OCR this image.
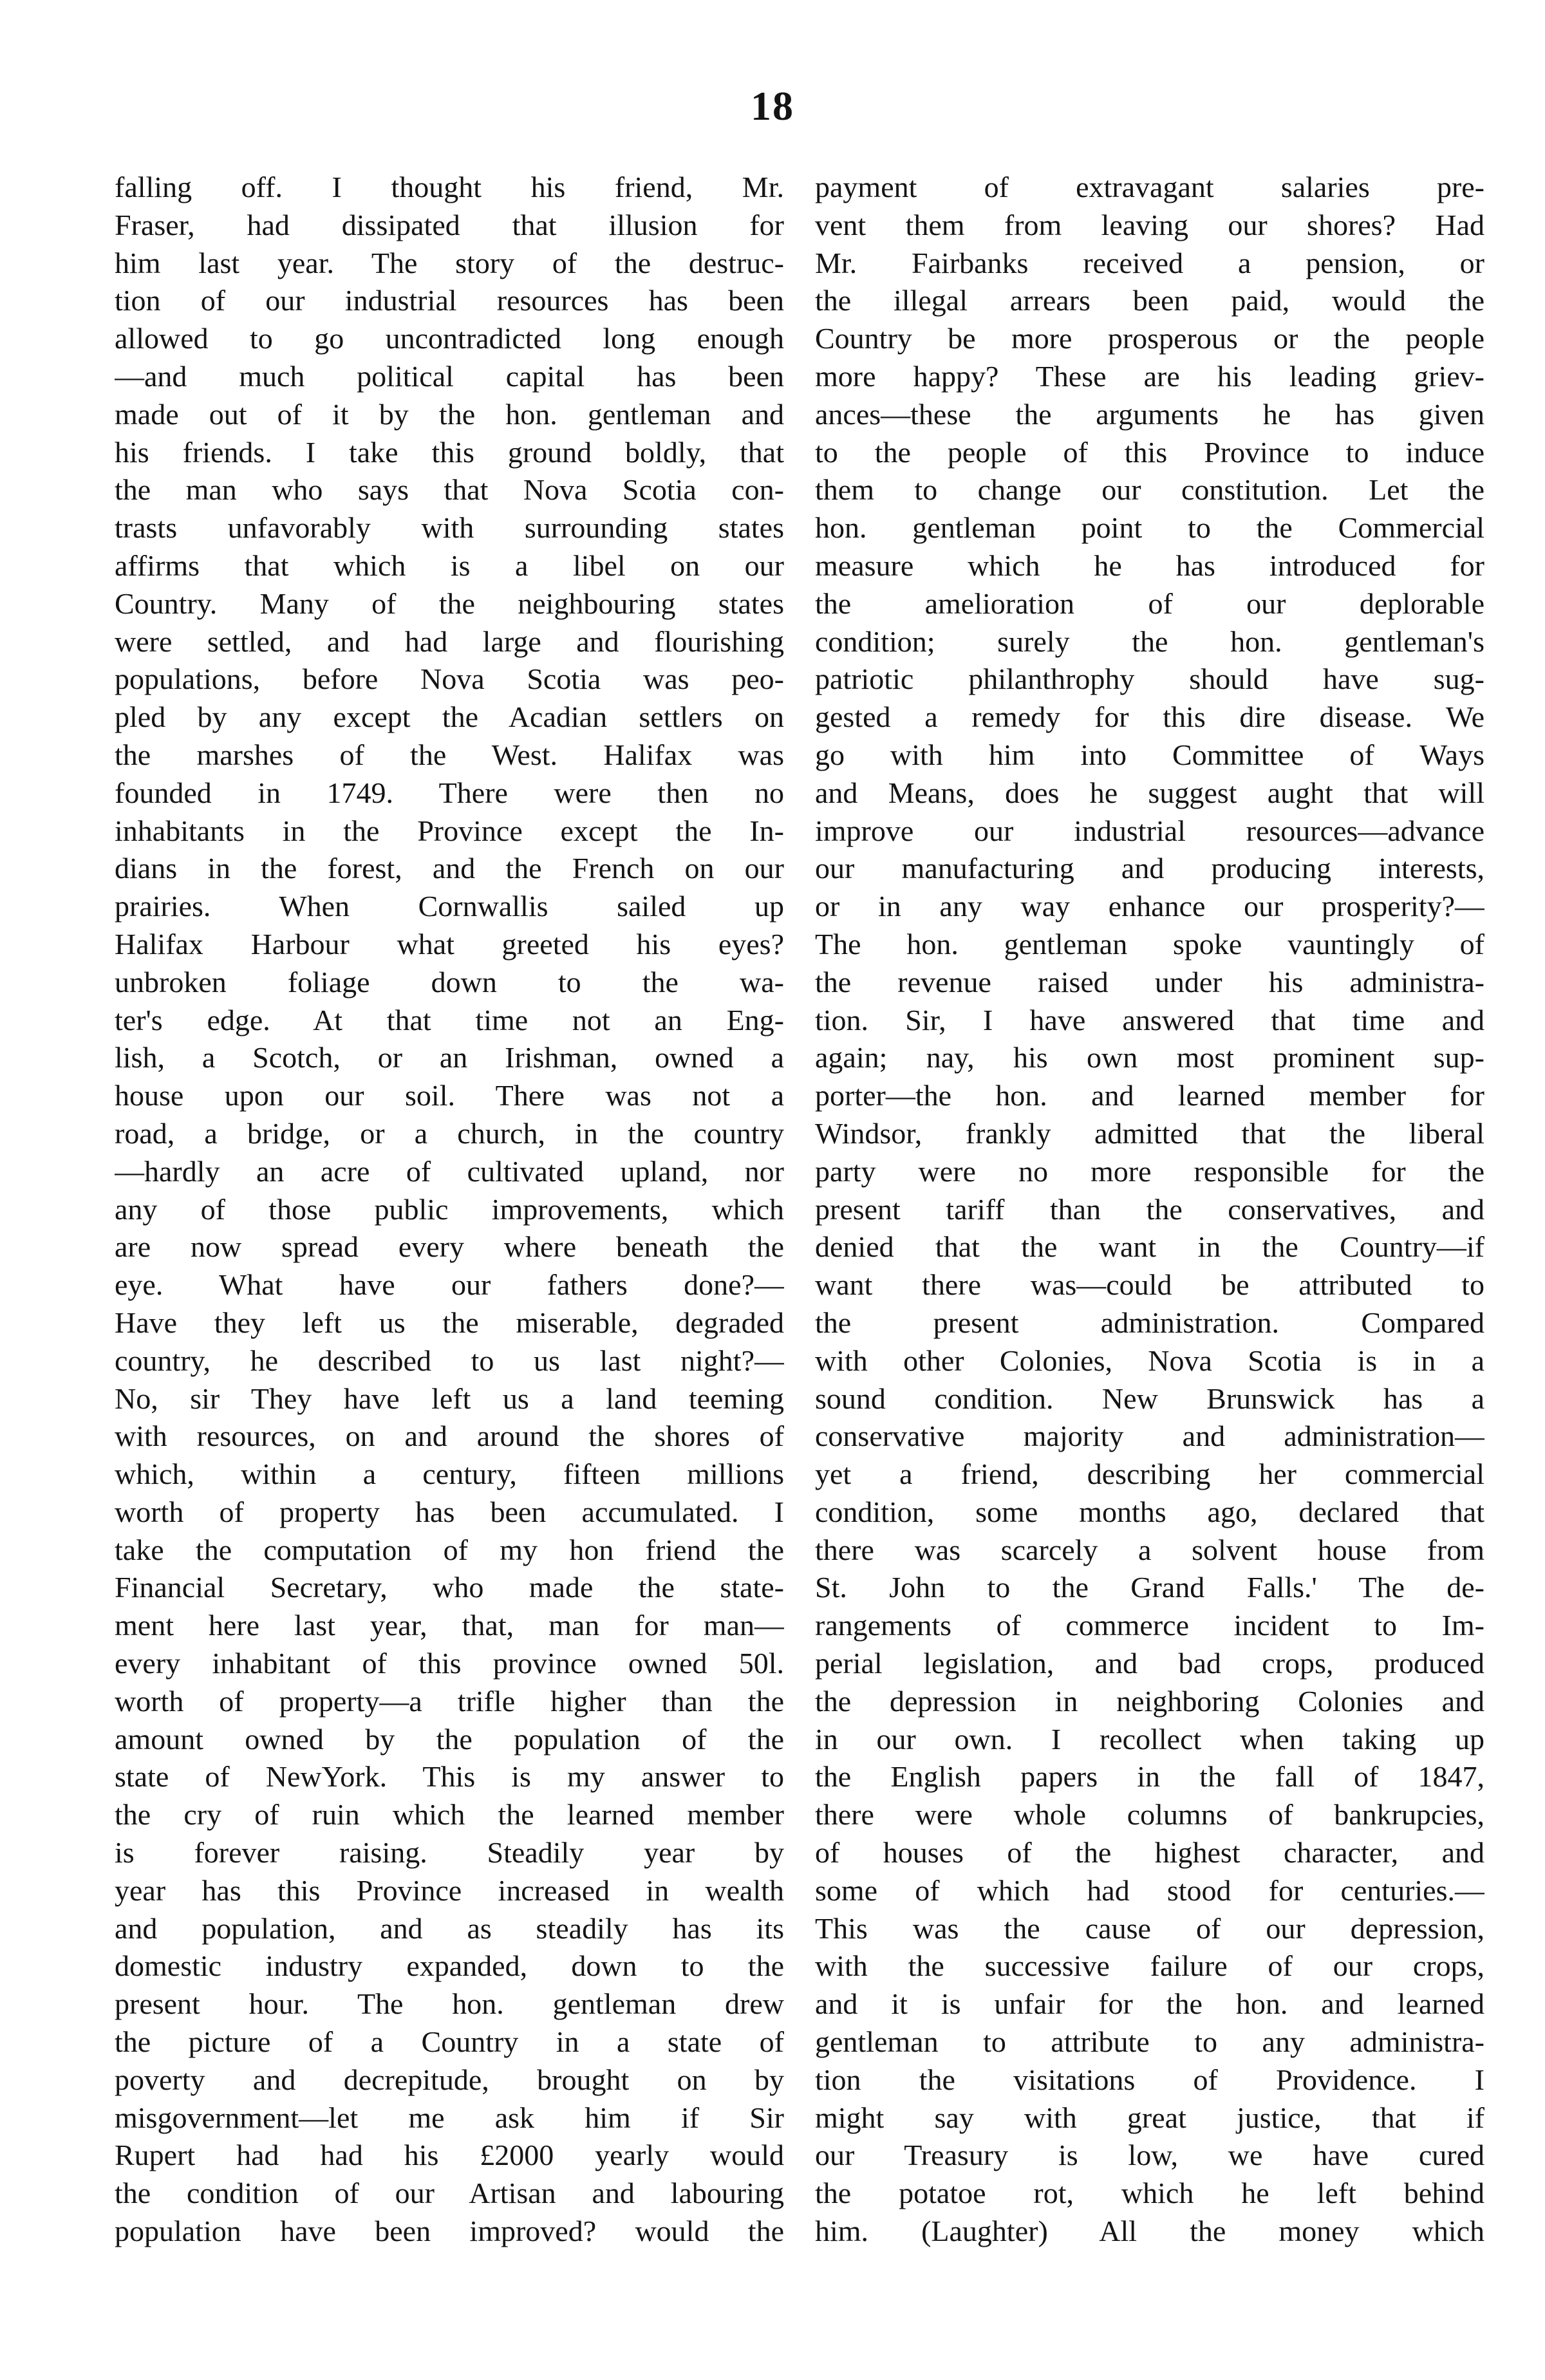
18
falling off. I thought his friend, Mr.
Fraser, had dissipated that illusion for
him last year. The story of the destruc-
tion of our industrial resources has been
allowed to go uncontradicted long enough
—and much political capital has been
made out of it by the hon. gentleman and
his friends. I take this ground boldly, that
the man who says that Nova Scotia con-
trasts unfavorably with surrounding states
affirms that which is a libel on our
Country. Many of the neighbouring states
were settled, and had large and flourishing
populations, before Nova Scotia was peo-
pled by any except the Acadian settlers on
the marshes of the West. Halifax was
founded in 1749. There were then no
inhabitants in the Province except the In-
dians in the forest, and the French on our
prairies. When Cornwallis sailed up
Halifax Harbour what greeted his eyes?
unbroken foliage down to the wa-
ter's edge. At that time not an Eng-
lish, a Scotch, or an Irishman, owned a
house upon our soil. There was not a
road, a bridge, or a church, in the country
—hardly an acre of cultivated upland, nor
any of those public improvements, which
are now spread every where beneath the
eye. What have our fathers done?—
Have they left us the miserable, degraded
country, he described to us last night?—
No, sir They have left us a land teeming
with resources, on and around the shores of
which, within a century, fifteen millions
worth of property has been accumulated. I
take the computation of my hon friend the
Financial Secretary, who made the state-
ment here last year, that, man for man—
every inhabitant of this province owned 50l.
worth of property—a trifle higher than the
amount owned by the population of the
state of NewYork. This is my answer to
the cry of ruin which the learned member
is forever raising. Steadily year by
year has this Province increased in wealth
and population, and as steadily has its
domestic industry expanded, down to the
present hour. The hon. gentleman drew
the picture of a Country in a state of
poverty and decrepitude, brought on by
misgovernment—let me ask him if Sir
Rupert had had his £2000 yearly would
the condition of our Artisan and labouring
population have been improved? would the
payment of extravagant salaries pre-
vent them from leaving our shores? Had
Mr. Fairbanks received a pension, or
the illegal arrears been paid, would the
Country be more prosperous or the people
more happy? These are his leading griev-
ances—these the arguments he has given
to the people of this Province to induce
them to change our constitution. Let the
hon. gentleman point to the Commercial
measure which he has introduced for
the amelioration of our deplorable
condition; surely the hon. gentleman's
patriotic philanthrophy should have sug-
gested a remedy for this dire disease. We
go with him into Committee of Ways
and Means, does he suggest aught that will
improve our industrial resources—advance
our manufacturing and producing interests,
or in any way enhance our prosperity?—
The hon. gentleman spoke vauntingly of
the revenue raised under his administra-
tion. Sir, I have answered that time and
again; nay, his own most prominent sup-
porter—the hon. and learned member for
Windsor, frankly admitted that the liberal
party were no more responsible for the
present tariff than the conservatives, and
denied that the want in the Country—if
want there was—could be attributed to
the present administration. Compared
with other Colonies, Nova Scotia is in a
sound condition. New Brunswick has a
conservative majority and administration—
yet a friend, describing her commercial
condition, some months ago, declared that
there was scarcely a solvent house from
St. John to the Grand Falls.' The de-
rangements of commerce incident to Im-
perial legislation, and bad crops, produced
the depression in neighboring Colonies and
in our own. I recollect when taking up
the English papers in the fall of 1847,
there were whole columns of bankrupcies,
of houses of the highest character, and
some of which had stood for centuries.—
This was the cause of our depression,
with the successive failure of our crops,
and it is unfair for the hon. and learned
gentleman to attribute to any administra-
tion the visitations of Providence. I
might say with great justice, that if
our Treasury is low, we have cured
the potatoe rot, which he left behind
him. (Laughter) All the money which
